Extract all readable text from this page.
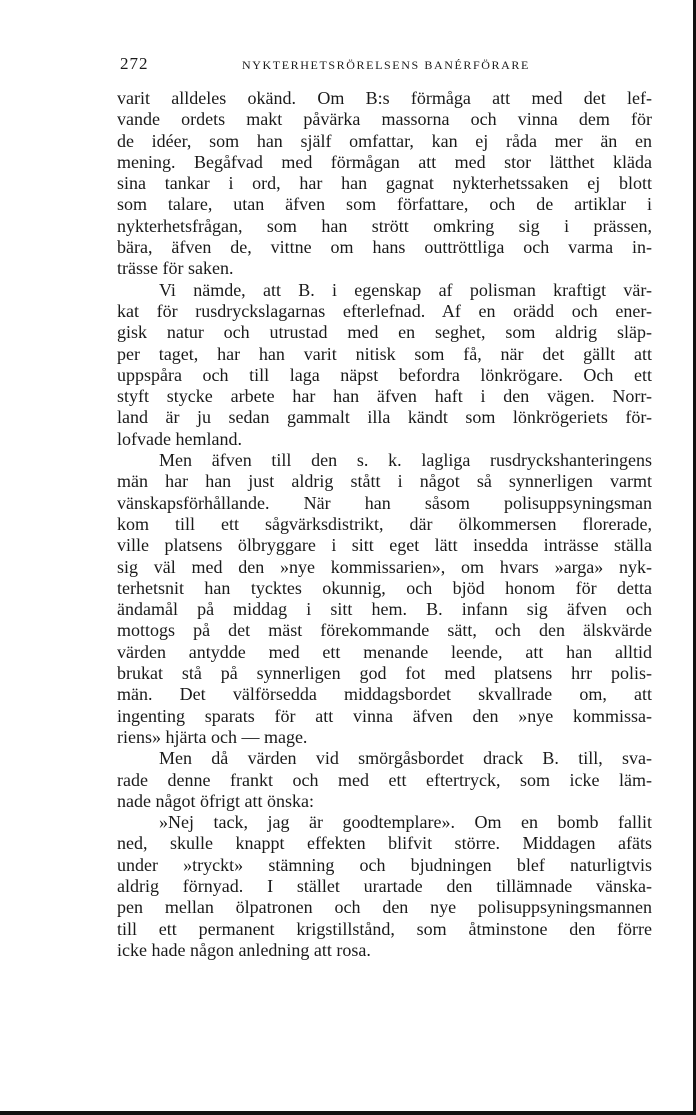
272	NYKTERHETSRÖRELSENS BANÉRFÖRARE
varit alldeles okänd. Om B:s förmåga att med det lef-
vande ordets makt påvärka massorna och vinna dem för
de idéer, som han själf omfattar, kan ej råda mer än en
mening. Begåfvad med förmågan att med stor lätthet kläda
sina tankar i ord, har han gagnat nykterhetssaken ej blott
som talare, utan äfven som författare, och de artiklar i
nykterhetsfrågan, som han strött omkring sig i prässen,
bära, äfven de, vittne om hans outtröttliga och varma in-
trässe för saken.
Vi nämde, att B. i egenskap af polisman kraftigt vär-
kat för rusdryckslagarnas efterlefnad. Af en orädd och ener-
gisk natur och utrustad med en seghet, som aldrig släp-
per taget, har han varit nitisk som få, när det gällt att
uppspåra och till laga näpst befordra lönkrögare. Och ett
styft stycke arbete har han äfven haft i den vägen. Norr-
land är ju sedan gammalt illa kändt som lönkrögeriets för-
lofvade hemland.
Men äfven till den s. k. lagliga rusdryckshanteringens
män har han just aldrig stått i något så synnerligen varmt
vänskapsförhållande. När han såsom polisuppsyningsman
kom till ett sågvärksdistrikt, där ölkommersen florerade,
ville platsens ölbryggare i sitt eget lätt insedda inträsse ställa
sig väl med den »nye kommissarien», om hvars »arga» nyk-
terhetsnit han tycktes okunnig, och bjöd honom för detta
ändamål på middag i sitt hem. B. infann sig äfven och
mottogs på det mäst förekommande sätt, och den älskvärde
värden antydde med ett menande leende, att han alltid
brukat stå på synnerligen god fot med platsens hrr polis-
män. Det välförsedda middagsbordet skvallrade om, att
ingenting sparats för att vinna äfven den »nye kommissa-
riens» hjärta och — mage.
Men då värden vid smörgåsbordet drack B. till, sva-
rade denne frankt och med ett eftertryck, som icke läm-
nade något öfrigt att önska:
»Nej tack, jag är goodtemplare». Om en bomb fallit
ned, skulle knappt effekten blifvit större. Middagen afäts
under »tryckt» stämning och bjudningen blef naturligtvis
aldrig förnyad. I stället urartade den tillämnade vänska-
pen mellan ölpatronen och den nye polisuppsyningsmannen
till ett permanent krigstillstånd, som åtminstone den förre
icke hade någon anledning att rosa.
